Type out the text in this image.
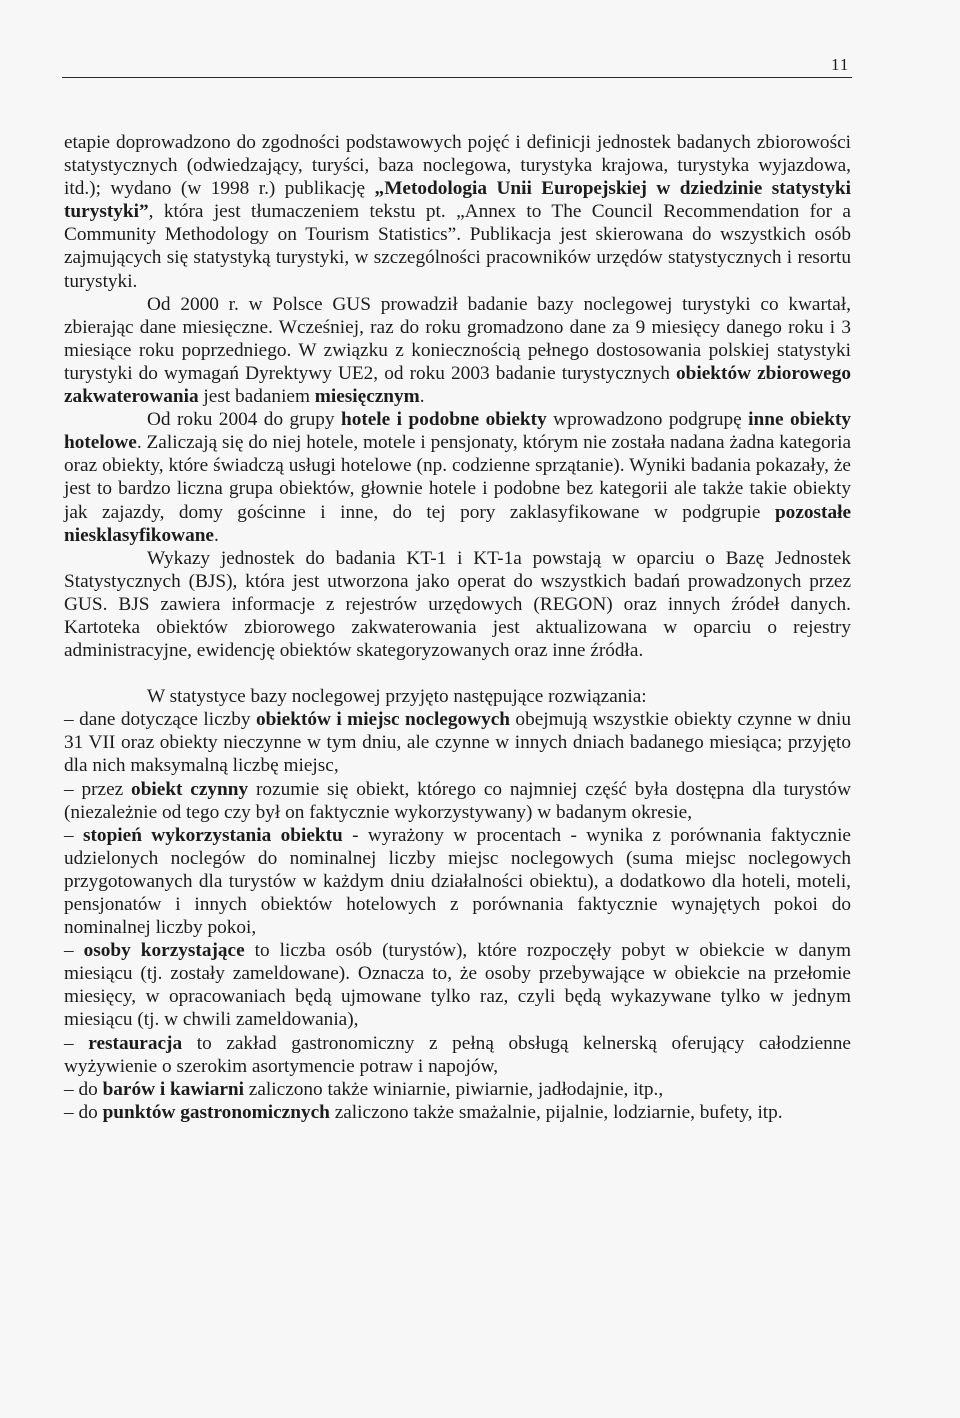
11

etapie doprowadzono do zgodności podstawowych pojęć i definicji jednostek badanych zbiorowości statystycznych (odwiedzający, turyści, baza noclegowa, turystyka krajowa, turystyka wyjazdowa, itd.); wydano (w 1998 r.) publikację „Metodologia Unii Europejskiej w dziedzinie statystyki turystyki”, która jest tłumaczeniem tekstu pt. „Annex to The Council Recommendation for a Community Methodology on Tourism Statistics”. Publikacja jest skierowana do wszystkich osób zajmujących się statystyką turystyki, w szczególności pracowników urzędów statystycznych i resortu turystyki.

Od 2000 r. w Polsce GUS prowadził badanie bazy noclegowej turystyki co kwartał, zbierając dane miesięczne. Wcześniej, raz do roku gromadzono dane za 9 miesięcy danego roku i 3 miesiące roku poprzedniego. W związku z koniecznością pełnego dostosowania polskiej statystyki turystyki do wymagań Dyrektywy UE2, od roku 2003 badanie turystycznych obiektów zbiorowego zakwaterowania jest badaniem miesięcznym.

Od roku 2004 do grupy hotele i podobne obiekty wprowadzono podgrupę inne obiekty hotelowe. Zaliczają się do niej hotele, motele i pensjonaty, którym nie została nadana żadna kategoria oraz obiekty, które świadczą usługi hotelowe (np. codzienne sprzątanie). Wyniki badania pokazały, że jest to bardzo liczna grupa obiektów, głownie hotele i podobne bez kategorii ale także takie obiekty jak zajazdy, domy gościnne i inne, do tej pory zaklasyfikowane w podgrupie pozostałe niesklasyfikowane.

Wykazy jednostek do badania KT-1 i KT-1a powstają w oparciu o Bazę Jednostek Statystycznych (BJS), która jest utworzona jako operat do wszystkich badań prowadzonych przez GUS. BJS zawiera informacje z rejestrów urzędowych (REGON) oraz innych źródeł danych. Kartoteka obiektów zbiorowego zakwaterowania jest aktualizowana w oparciu o rejestry administracyjne, ewidencję obiektów skategoryzowanych oraz inne źródła.

W statystyce bazy noclegowej przyjęto następujące rozwiązania:

– dane dotyczące liczby obiektów i miejsc noclegowych obejmują wszystkie obiekty czynne w dniu 31 VII oraz obiekty nieczynne w tym dniu, ale czynne w innych dniach badanego miesiąca; przyjęto dla nich maksymalną liczbę miejsc,

– przez obiekt czynny rozumie się obiekt, którego co najmniej część była dostępna dla turystów (niezależnie od tego czy był on faktycznie wykorzystywany) w badanym okresie,

– stopień wykorzystania obiektu - wyrażony w procentach - wynika z porównania faktycznie udzielonych noclegów do nominalnej liczby miejsc noclegowych (suma miejsc noclegowych przygotowanych dla turystów w każdym dniu działalności obiektu), a dodatkowo dla hoteli, moteli, pensjonatów i innych obiektów hotelowych z porównania faktycznie wynajętych pokoi do nominalnej liczby pokoi,

– osoby korzystające to liczba osób (turystów), które rozpoczęły pobyt w obiekcie w danym miesiącu (tj. zostały zameldowane). Oznacza to, że osoby przebywające w obiekcie na przełomie miesięcy, w opracowaniach będą ujmowane tylko raz, czyli będą wykazywane tylko w jednym miesiącu (tj. w chwili zameldowania),

– restauracja to zakład gastronomiczny z pełną obsługą kelnerską oferujący całodzienne wyżywienie o szerokim asortymencie potraw i napojów,

– do barów i kawiarni zaliczono także winiarnie, piwiarnie, jadłodajnie, itp.,

– do punktów gastronomicznych zaliczono także smażalnie, pijalnie, lodziarnie, bufety, itp.
